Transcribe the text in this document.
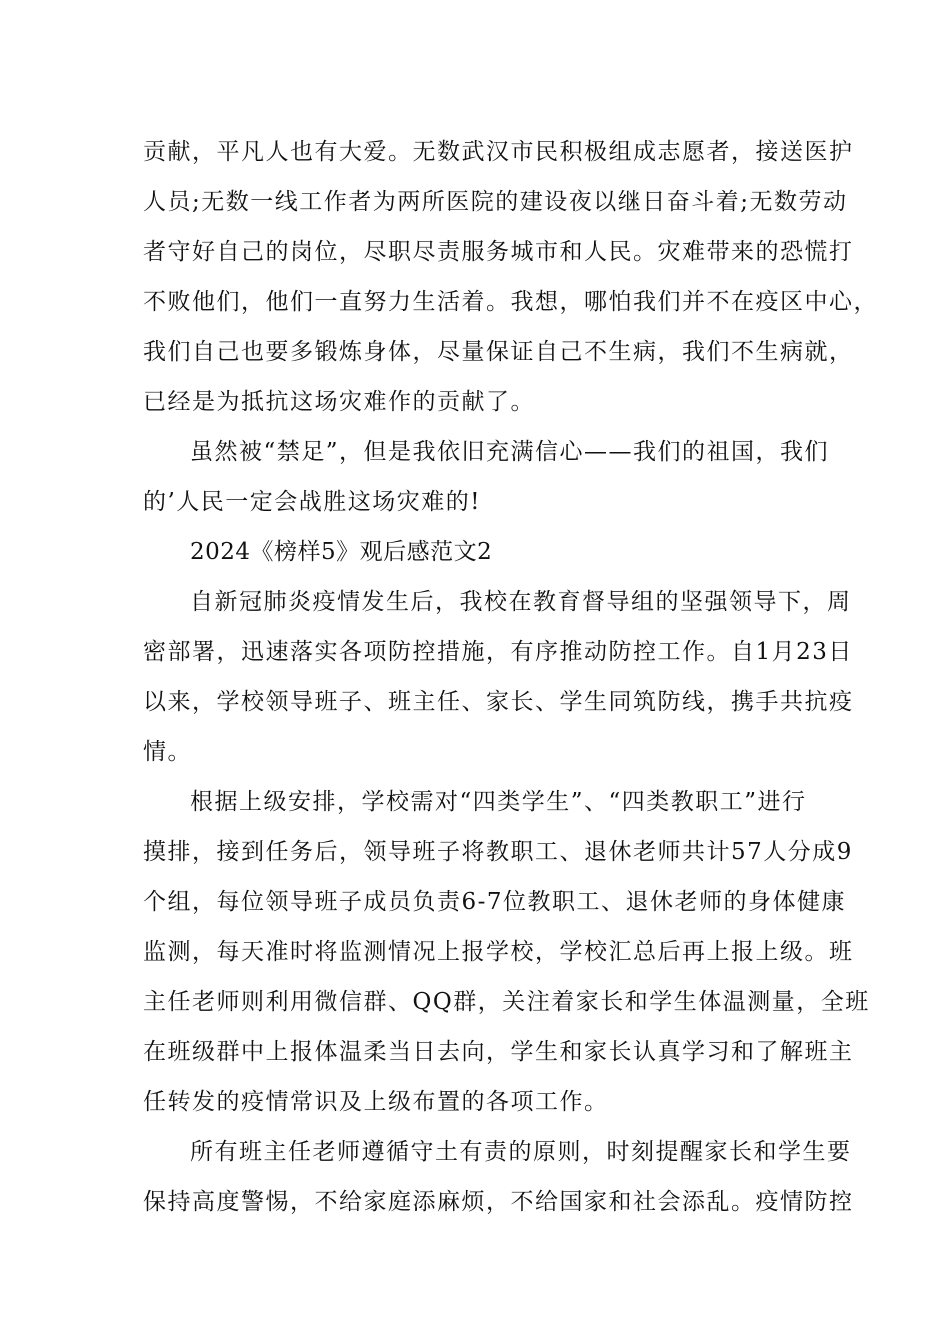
贡献，平凡人也有大爱。无数武汉市民积极组成志愿者，接送医护
人员;无数一线工作者为两所医院的建设夜以继日奋斗着;无数劳动
者守好自己的岗位，尽职尽责服务城市和人民。灾难带来的恐慌打
不败他们，他们一直努力生活着。我想，哪怕我们并不在疫区中心，
我们自己也要多锻炼身体，尽量保证自己不生病，我们不生病就，
已经是为抵抗这场灾难作的贡献了。
虽然被“禁足”，但是我依旧充满信心——我们的祖国，我们
的’人民一定会战胜这场灾难的!
2024《榜样5》观后感范文2
自新冠肺炎疫情发生后，我校在教育督导组的坚强领导下，周
密部署，迅速落实各项防控措施，有序推动防控工作。自1月23日
以来，学校领导班子、班主任、家长、学生同筑防线，携手共抗疫
情。
根据上级安排，学校需对“四类学生”、“四类教职工”进行
摸排，接到任务后，领导班子将教职工、退休老师共计57人分成9
个组，每位领导班子成员负责6-7位教职工、退休老师的身体健康
监测，每天准时将监测情况上报学校，学校汇总后再上报上级。班
主任老师则利用微信群、QQ群，关注着家长和学生体温测量，全班
在班级群中上报体温柔当日去向，学生和家长认真学习和了解班主
任转发的疫情常识及上级布置的各项工作。
所有班主任老师遵循守土有责的原则，时刻提醒家长和学生要
保持高度警惕，不给家庭添麻烦，不给国家和社会添乱。疫情防控
